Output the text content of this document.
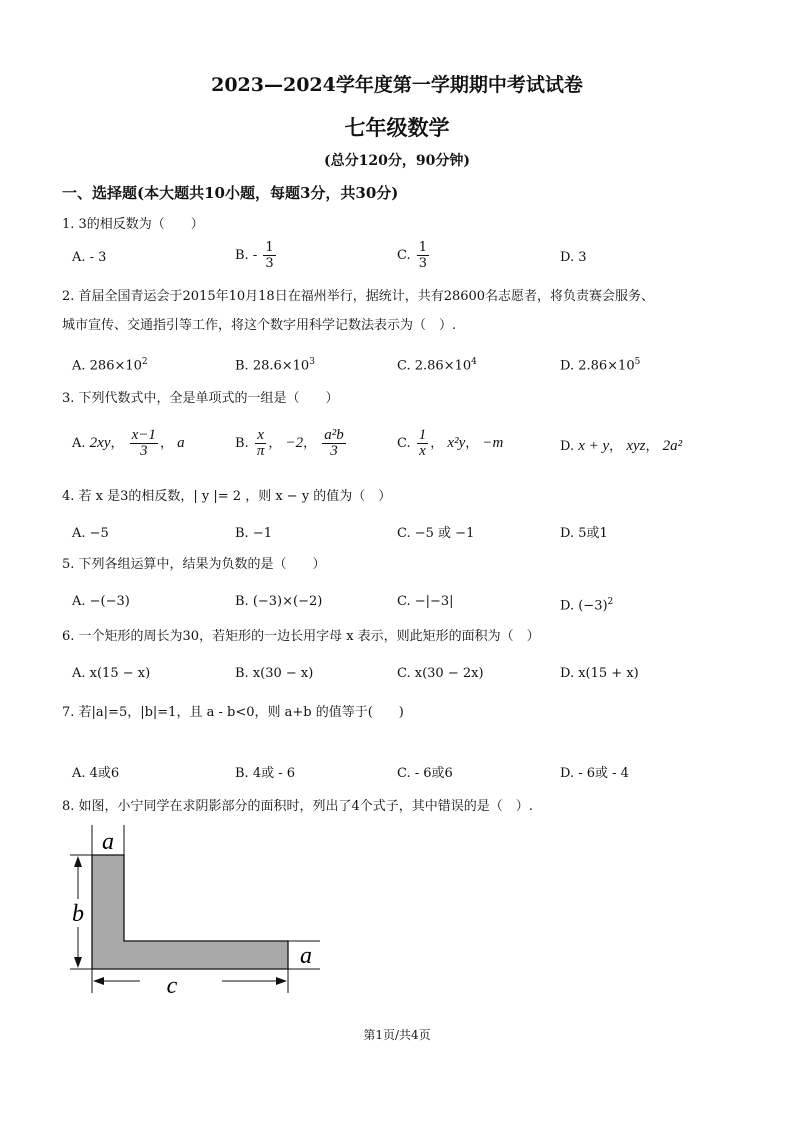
2023—2024学年度第一学期期中考试试卷
七年级数学
(总分120分，90分钟)
一、选择题(本大题共10小题，每题3分，共30分)
1. 3的相反数为（　　）
A. - 3	B. - $\frac{1}{3}$	C. $\frac{1}{3}$	D. 3
2. 首届全国青运会于2015年10月18日在福州举行，据统计，共有28600名志愿者，将负责赛会服务、
城市宣传、交通指引等工作，将这个数字用科学记数法表示为（　）.
A. $286\times 10^2$	B. $28.6\times 10^3$	C. $2.86\times 10^4$	D. $2.86\times 10^5$
3. 下列代数式中，全是单项式的一组是（　　）
A. 2xy， $\frac{x-1}{3}$ ， a	B. $\frac{x}{\pi}$ ， −2， $\frac{\text{a²b}}{3}$	C. $\frac{1}{x}$ ， x²y， −m	D. x + y， xyz， 2a²
4. 若 x 是3的相反数，| y |= 2 ，则 x − y 的值为（　）
A. −5	B. −1	C. −5 或 −1	D. 5或1
5. 下列各组运算中，结果为负数的是（　　）
A. −(−3)	B. (−3)×(−2)	C. −|−3|	D. $(-3)^2$
6. 一个矩形的周长为30，若矩形的一边长用字母 x 表示，则此矩形的面积为（　）
A. x(15 − x)	B. x(30 − x)	C. x(30 − 2x)	D. x(15 + x)
7. 若|a|=5，|b|=1，且 a - b<0，则 a+b 的值等于(　　)
A. 4或6	B. 4或 - 6	C. - 6或6	D. - 6或 - 4
8. 如图，小宁同学在求阴影部分的面积时，列出了4个式子，其中错误的是（　）.
a
b
a
c
第1页/共4页
